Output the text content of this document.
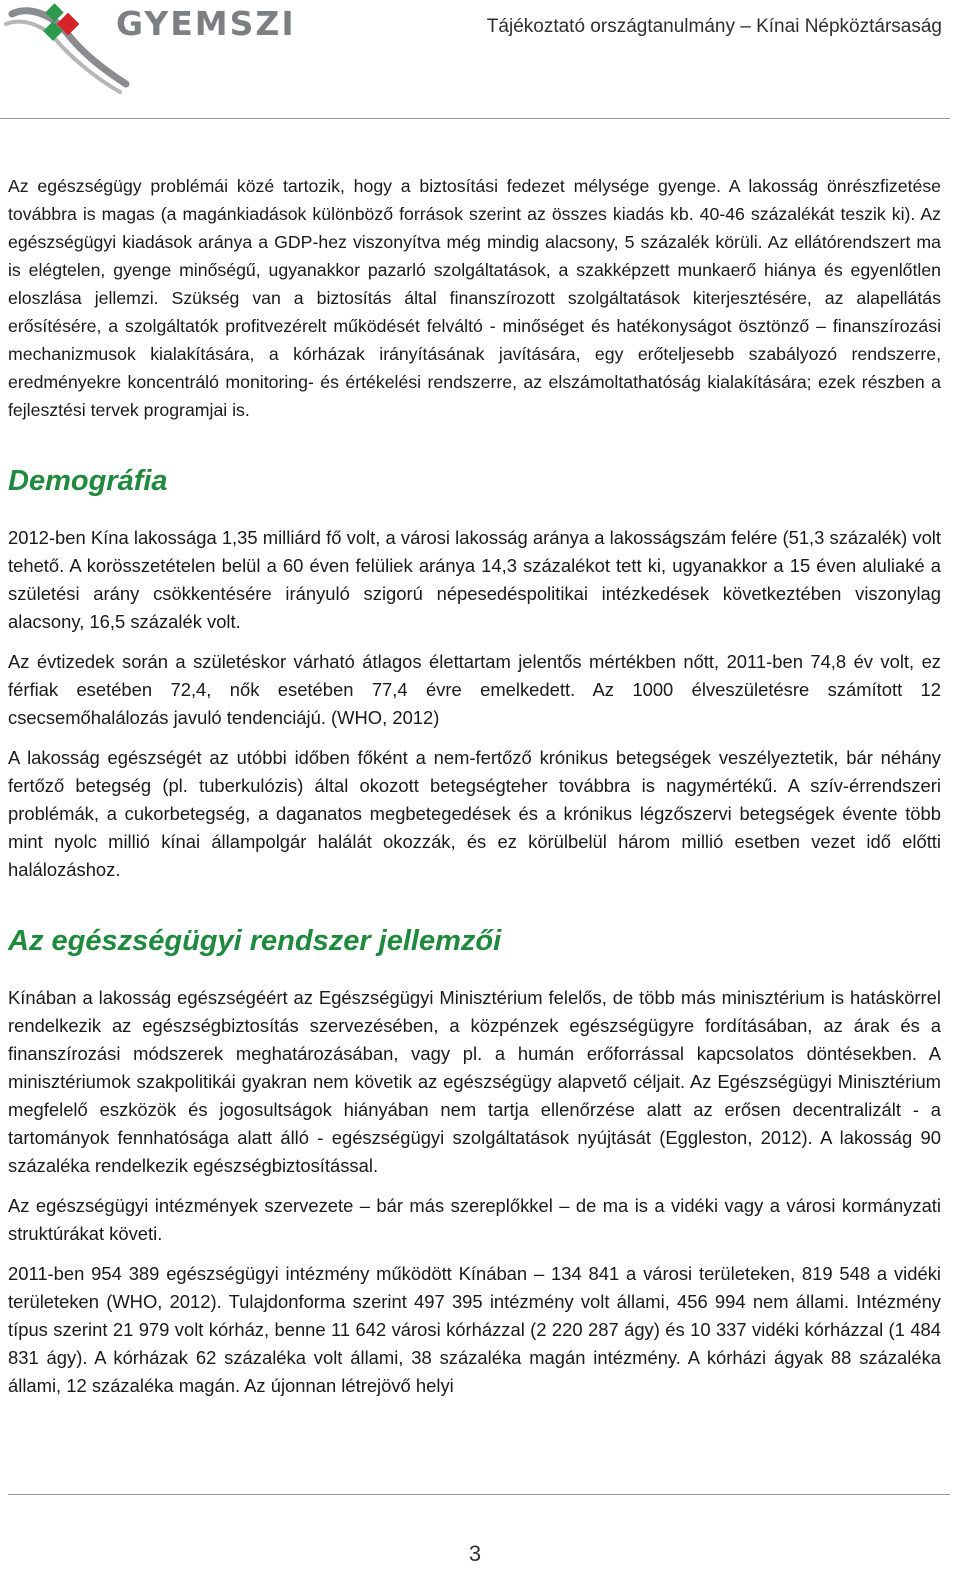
GYEMSZI	Tájékoztató országtanulmány – Kínai Népköztársaság

Az egészségügy problémái közé tartozik, hogy a biztosítási fedezet mélysége gyenge. A lakosság önrészfizetése továbbra is magas (a magánkiadások különböző források szerint az összes kiadás kb. 40-46 százalékát teszik ki). Az egészségügyi kiadások aránya a GDP-hez viszonyítva még mindig alacsony, 5 százalék körüli. Az ellátórendszert ma is elégtelen, gyenge minőségű, ugyanakkor pazarló szolgáltatások, a szakképzett munkaerő hiánya és egyenlőtlen eloszlása jellemzi. Szükség van a biztosítás által finanszírozott szolgáltatások kiterjesztésére, az alapellátás erősítésére, a szolgáltatók profitvezérelt működését felváltó - minőséget és hatékonyságot ösztönző – finanszírozási mechanizmusok kialakítására, a kórházak irányításának javítására, egy erőteljesebb szabályozó rendszerre, eredményekre koncentráló monitoring- és értékelési rendszerre, az elszámoltathatóság kialakítására; ezek részben a fejlesztési tervek programjai is.

Demográfia

2012-ben Kína lakossága 1,35 milliárd fő volt, a városi lakosság aránya a lakosságszám felére (51,3 százalék) volt tehető. A korösszetételen belül a 60 éven felüliek aránya 14,3 százalékot tett ki, ugyanakkor a 15 éven aluliaké a születési arány csökkentésére irányuló szigorú népesedéspolitikai intézkedések következtében viszonylag alacsony, 16,5 százalék volt.

Az évtizedek során a születéskor várható átlagos élettartam jelentős mértékben nőtt, 2011-ben 74,8 év volt, ez férfiak esetében 72,4, nők esetében 77,4 évre emelkedett. Az 1000 élveszületésre számított 12 csecsemőhalálozás javuló tendenciájú. (WHO, 2012)

A lakosság egészségét az utóbbi időben főként a nem-fertőző krónikus betegségek veszélyeztetik, bár néhány fertőző betegség (pl. tuberkulózis) által okozott betegségteher továbbra is nagymértékű. A szív-érrendszeri problémák, a cukorbetegség, a daganatos megbetegedések és a krónikus légzőszervi betegségek évente több mint nyolc millió kínai állampolgár halálát okozzák, és ez körülbelül három millió esetben vezet idő előtti halálozáshoz.

Az egészségügyi rendszer jellemzői

Kínában a lakosság egészségéért az Egészségügyi Minisztérium felelős, de több más minisztérium is hatáskörrel rendelkezik az egészségbiztosítás szervezésében, a közpénzek egészségügyre fordításában, az árak és a finanszírozási módszerek meghatározásában, vagy pl. a humán erőforrással kapcsolatos döntésekben. A minisztériumok szakpolitikái gyakran nem követik az egészségügy alapvető céljait. Az Egészségügyi Minisztérium megfelelő eszközök és jogosultságok hiányában nem tartja ellenőrzése alatt az erősen decentralizált - a tartományok fennhatósága alatt álló - egészségügyi szolgáltatások nyújtását (Eggleston, 2012). A lakosság 90 százaléka rendelkezik egészségbiztosítással.

Az egészségügyi intézmények szervezete – bár más szereplőkkel – de ma is a vidéki vagy a városi kormányzati struktúrákat követi.

2011-ben 954 389 egészségügyi intézmény működött Kínában – 134 841 a városi területeken, 819 548 a vidéki területeken (WHO, 2012). Tulajdonforma szerint 497 395 intézmény volt állami, 456 994 nem állami. Intézmény típus szerint 21 979 volt kórház, benne 11 642 városi kórházzal (2 220 287 ágy) és 10 337 vidéki kórházzal (1 484 831 ágy). A kórházak 62 százaléka volt állami, 38 százaléka magán intézmény. A kórházi ágyak 88 százaléka állami, 12 százaléka magán. Az újonnan létrejövő helyi

3
